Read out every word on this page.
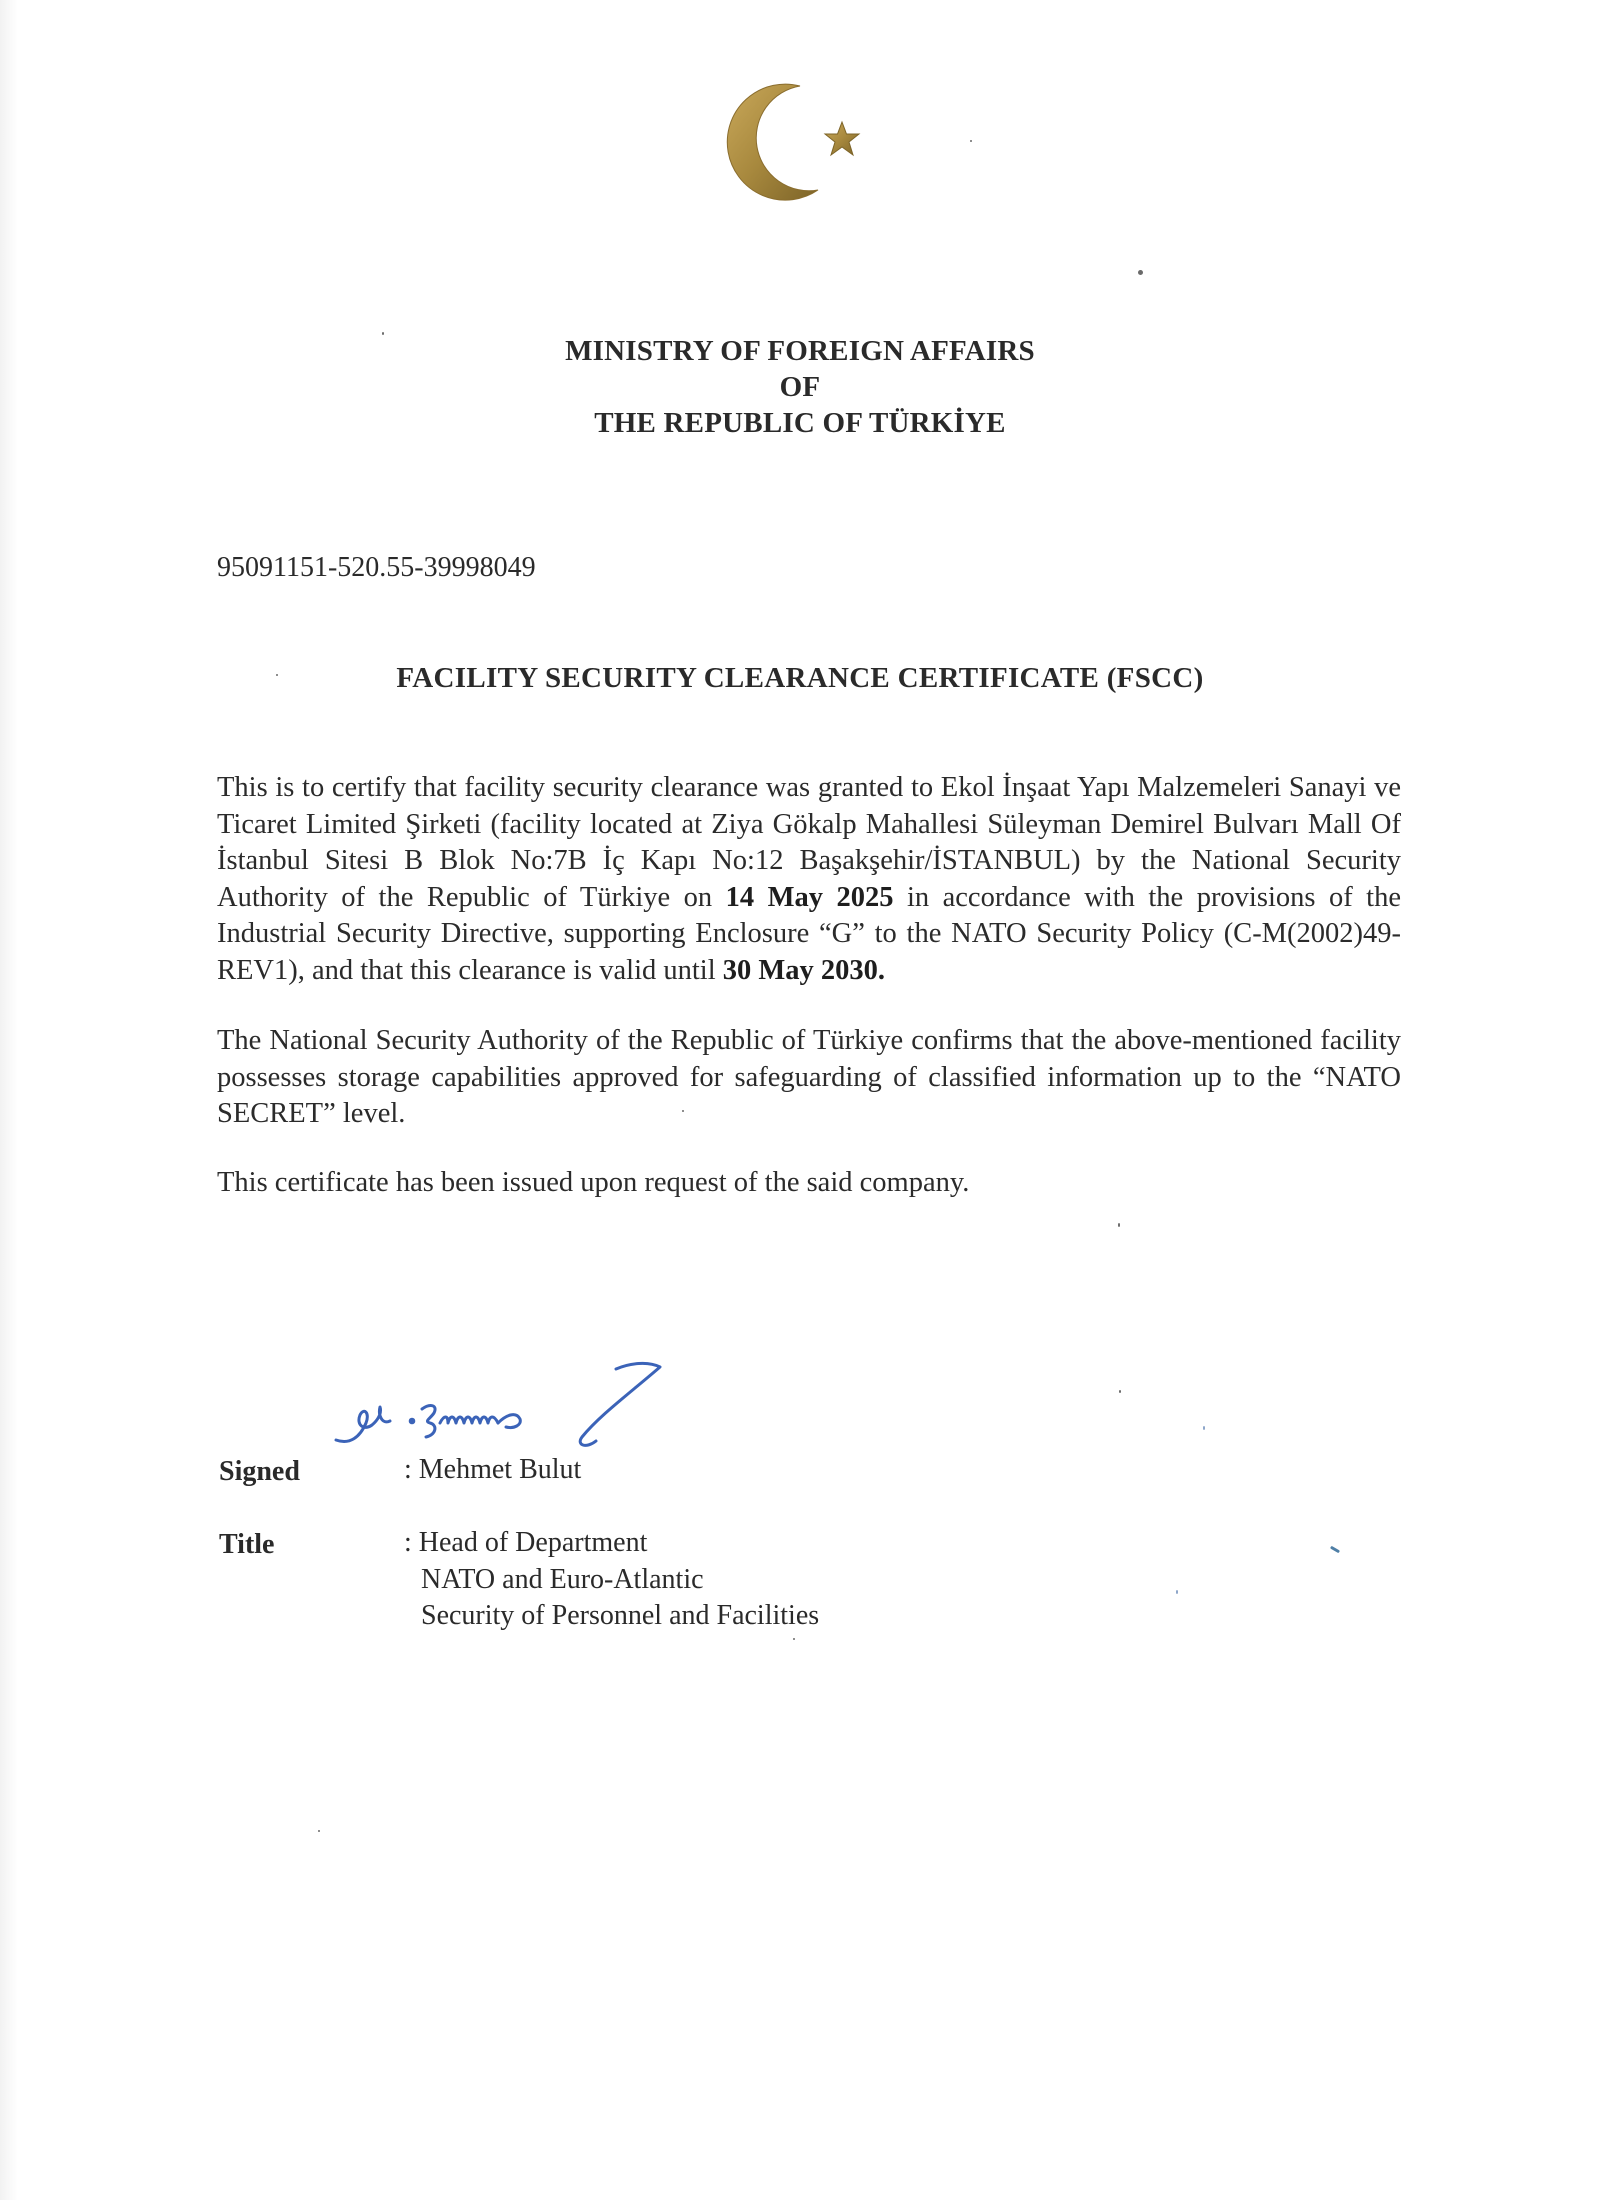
MINISTRY OF FOREIGN AFFAIRS
OF
THE REPUBLIC OF TÜRKİYE
95091151-520.55-39998049
FACILITY SECURITY CLEARANCE CERTIFICATE (FSCC)
This is to certify that facility security clearance was granted to Ekol İnşaat Yapı Malzemeleri Sanayi ve Ticaret Limited Şirketi (facility located at Ziya Gökalp Mahallesi Süleyman Demirel Bulvarı Mall Of İstanbul Sitesi B Blok No:7B İç Kapı No:12 Başakşehir/İSTANBUL) by the National Security Authority of the Republic of Türkiye on 14 May 2025 in accordance with the provisions of the Industrial Security Directive, supporting Enclosure “G” to the NATO Security Policy (C-M(2002)49-REV1), and that this clearance is valid until 30 May 2030.
The National Security Authority of the Republic of Türkiye confirms that the above-mentioned facility possesses storage capabilities approved for safeguarding of classified information up to the “NATO SECRET” level.
This certificate has been issued upon request of the said company.
Signed	: Mehmet Bulut
Title	: Head of Department
NATO and Euro-Atlantic
Security of Personnel and Facilities
